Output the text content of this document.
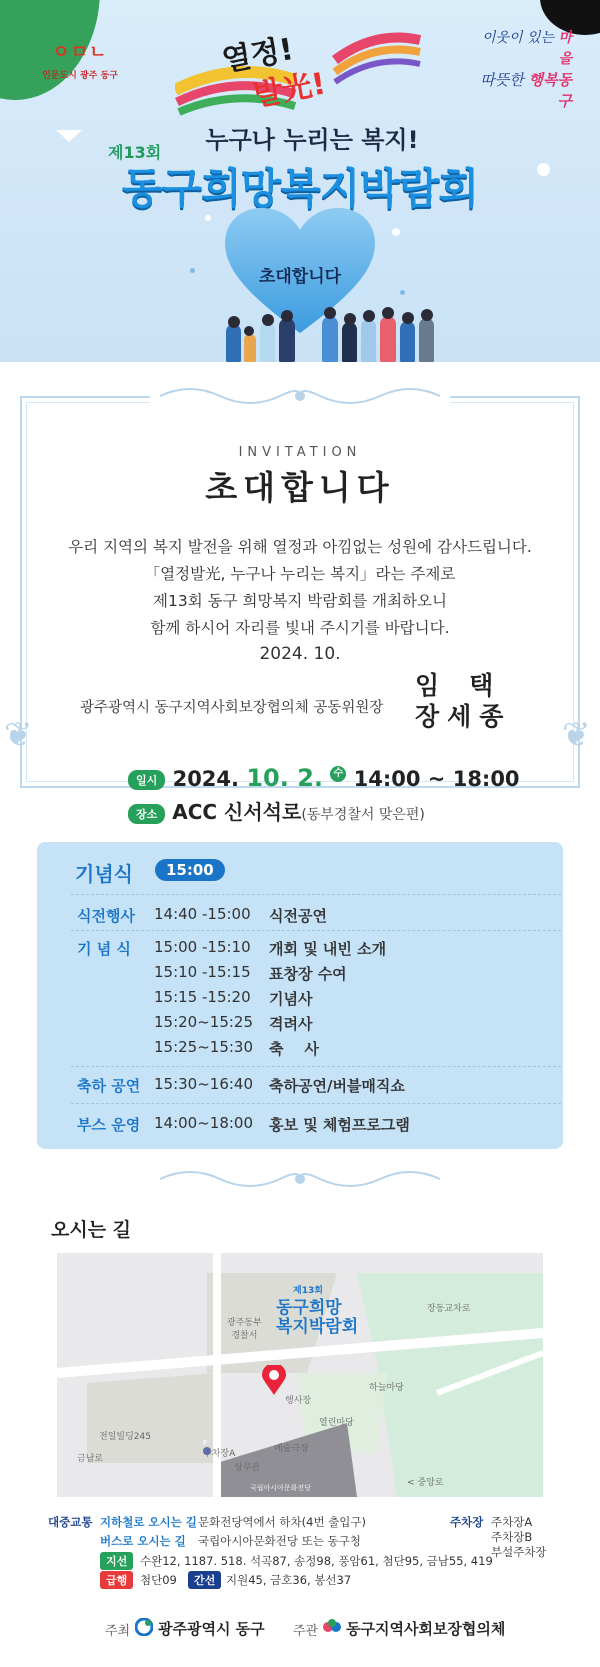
ㅇㅁㄴ
인문도시 광주 동구
이웃이 있는 마을
따뜻한 행복동구
열정!
발光!
누구나 누리는 복지!
제13회
동구희망복지박람회
초대합니다
❦	❦
INVITATION
초대합니다
우리 지역의 복지 발전을 위해 열정과 아낌없는 성원에 감사드립니다.
「열정발光, 누구나 누리는 복지」라는 주제로
제13회 동구 희망복지 박람회를 개최하오니
함께 하시어 자리를 빛내 주시기를 바랍니다.
2024. 10.
광주광역시 동구지역사회보장협의체 공동위원장
임택
장세종
일시 2024. 10. 2. 수 14:00 ~ 18:00
장소 ACC 신서석로(동부경찰서 맞은편)
기념식	15:00
식전행사	14:40 -15:00	식전공연
기 념 식	15:00 -15:10	개회 및 내빈 소개
15:10 -15:15	표창장 수여
15:15 -15:20	기념사
15:20~15:25	격려사
15:25~15:30	축    사
축하 공연 15:30~16:40	축하공연/버블매직쇼
부스 운영 14:00~18:00	홍보 및 체험프로그램
오시는 길
광주동부
경찰서
장동교차로
행사장
하늘마당
열린마당
전일빌딩245
금남로	주차장A	예술극장
상무관
국립아시아문화전당	< 중앙로
P
제13회
동구희망
복지박람회
대중교통 지하철로 오시는 길 문화전당역에서 하차(4번 출입구)
버스로 오시는 길 국립아시아문화전당 또는 동구청
지선	수완12, 1187. 518. 석곡87, 송정98, 풍암61, 첨단95, 금남55, 419
급행	첨단09	간선 지원45, 금호36, 봉선37
주차장 주차장A
주차장B
부설주차장
주최 광주광역시 동구 주관 동구지역사회보장협의체
